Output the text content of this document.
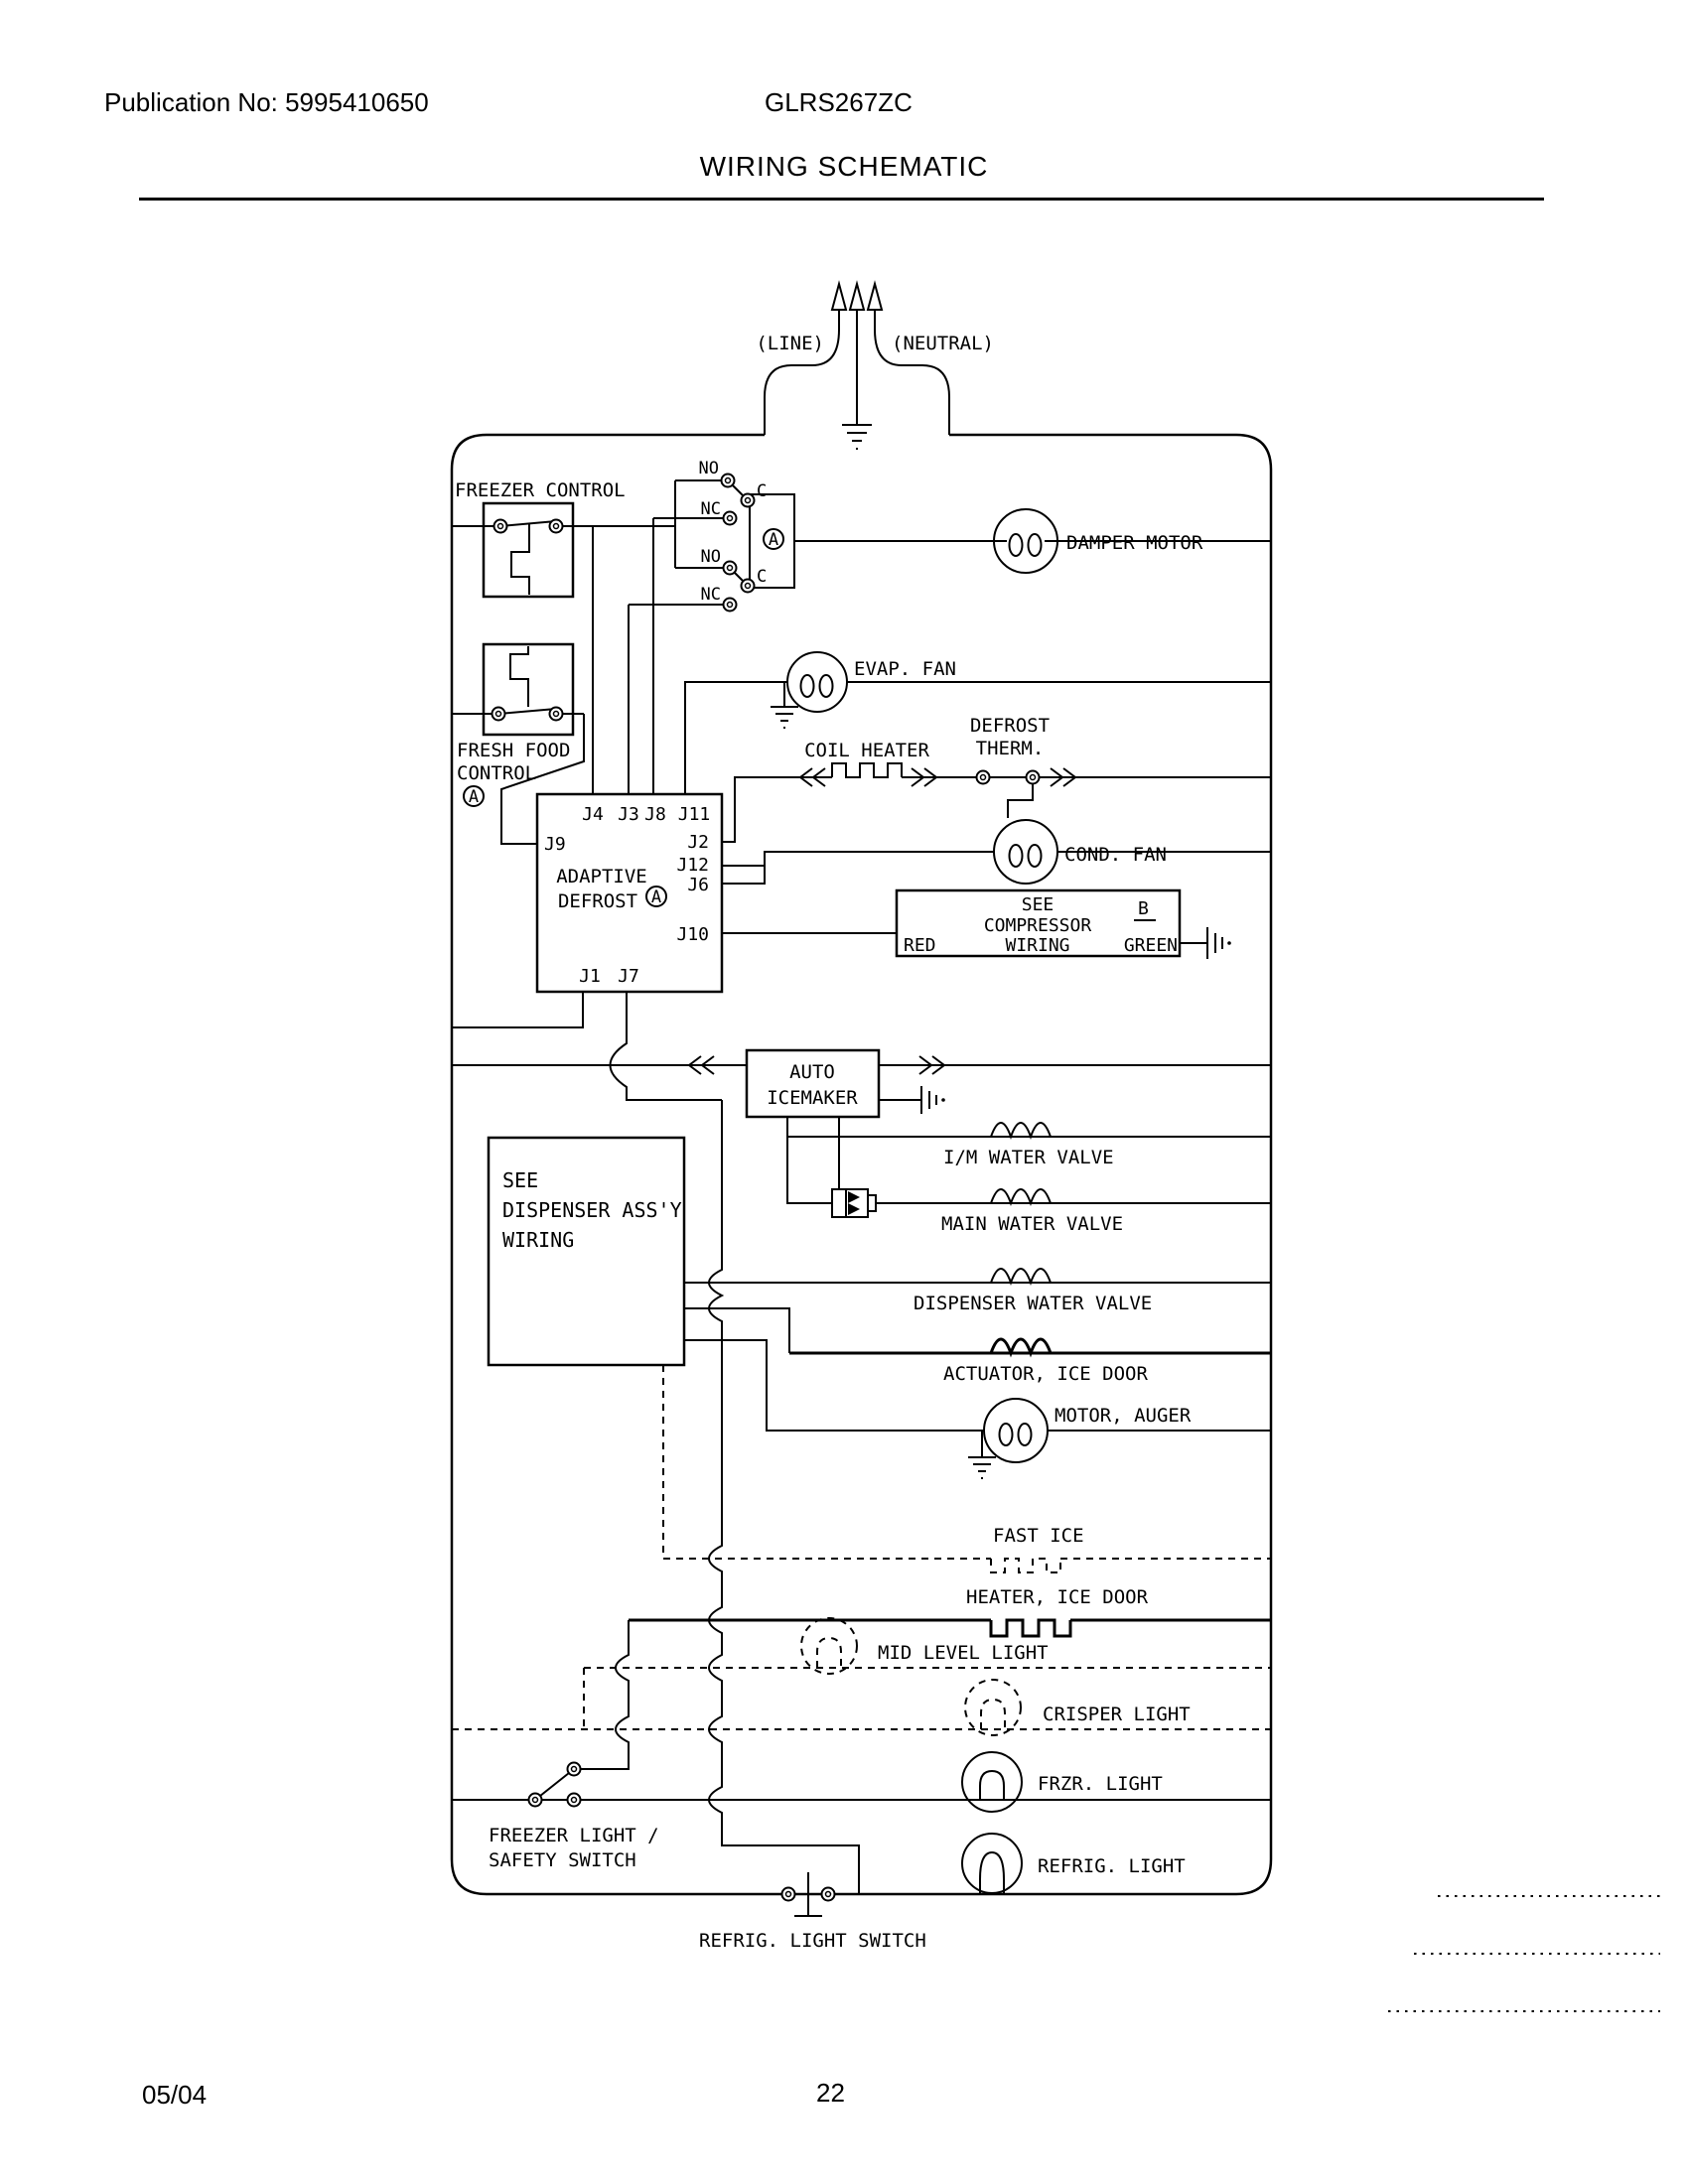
Publication No: 5995410650	GLRS267ZC
WIRING SCHEMATIC
(LINE)	(NEUTRAL)
FREEZER CONTROL
A
NO
C
NC
NO
C
NC
DAMPER MOTOR
EVAP. FAN
COIL HEATER
DEFROST
THERM.
COND. FAN
SEE
COMPRESSOR
WIRING
RED
B
GREEN
FRESH FOOD
CONTROL
A
J4 J3 J8 J11
J9	J2
J12
J6
J10
J1 J7
ADAPTIVE
DEFROST A
AUTO
ICEMAKER
I/M WATER VALVE
MAIN WATER VALVE
SEE
DISPENSER ASS'Y
WIRING
DISPENSER WATER VALVE
ACTUATOR, ICE DOOR
MOTOR, AUGER
FAST ICE
HEATER, ICE DOOR
MID LEVEL LIGHT
CRISPER LIGHT
FRZR. LIGHT
FREEZER LIGHT /
SAFETY SWITCH	REFRIG. LIGHT
REFRIG. LIGHT SWITCH
05/04	22
